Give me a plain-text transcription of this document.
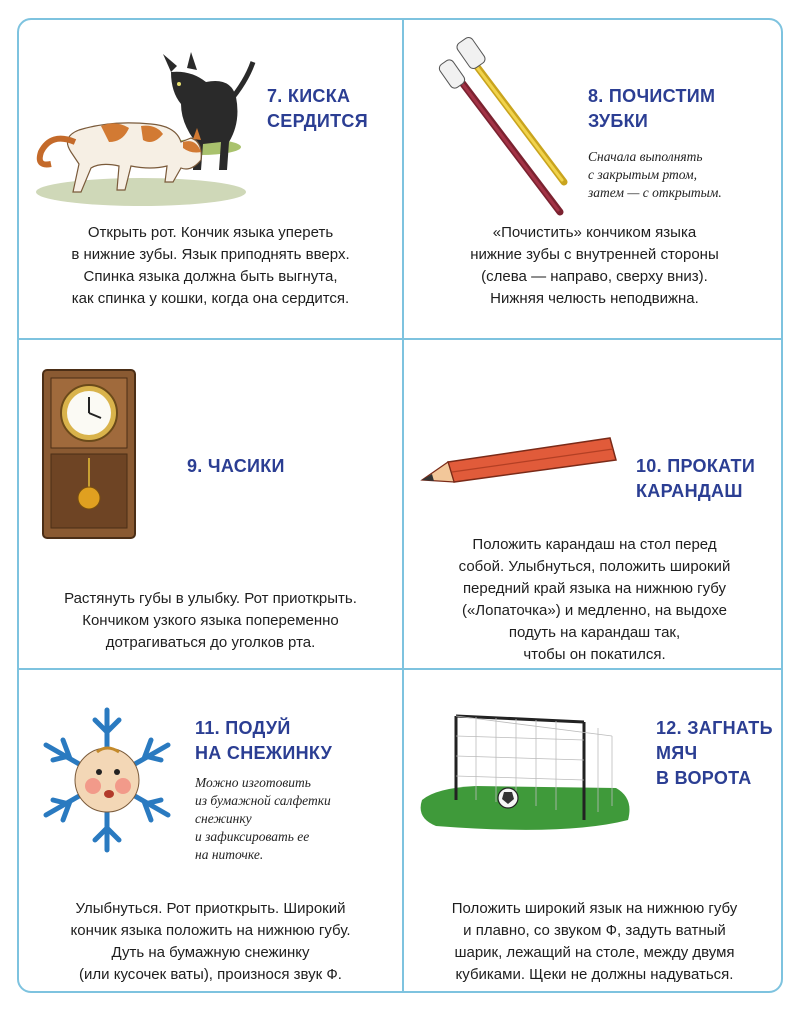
7. КИСКА
СЕРДИТСЯ
Открыть рот. Кончик языка упереть
в нижние зубы. Язык приподнять вверх.
Спинка языка должна быть выгнута,
как спинка у кошки, когда она сердится.
8. ПОЧИСТИМ
ЗУБКИ
Сначала выполнять
с закрытым ртом,
затем — с открытым.
«Почистить» кончиком языка
нижние зубы с внутренней стороны
(слева — направо, сверху вниз).
Нижняя челюсть неподвижна.
9. ЧАСИКИ
Растянуть губы в улыбку. Рот приоткрыть.
Кончиком узкого языка попеременно
дотрагиваться до уголков рта.
10. ПРОКАТИ
КАРАНДАШ
Положить карандаш на стол перед
собой. Улыбнуться, положить широкий
передний край языка на нижнюю губу
(«Лопаточка») и медленно, на выдохе
подуть на карандаш так,
чтобы он покатился.
11. ПОДУЙ
НА СНЕЖИНКУ
Можно изготовить
из бумажной салфетки
снежинку
и зафиксировать ее
на ниточке.
Улыбнуться. Рот приоткрыть. Широкий
кончик языка положить на нижнюю губу.
Дуть на бумажную снежинку
(или кусочек ваты), произнося звук Ф.
12. ЗАГНАТЬ
МЯЧ
В ВОРОТА
Положить широкий язык на нижнюю губу
и плавно, со звуком Ф, задуть ватный
шарик, лежащий на столе, между двумя
кубиками. Щеки не должны надуваться.
